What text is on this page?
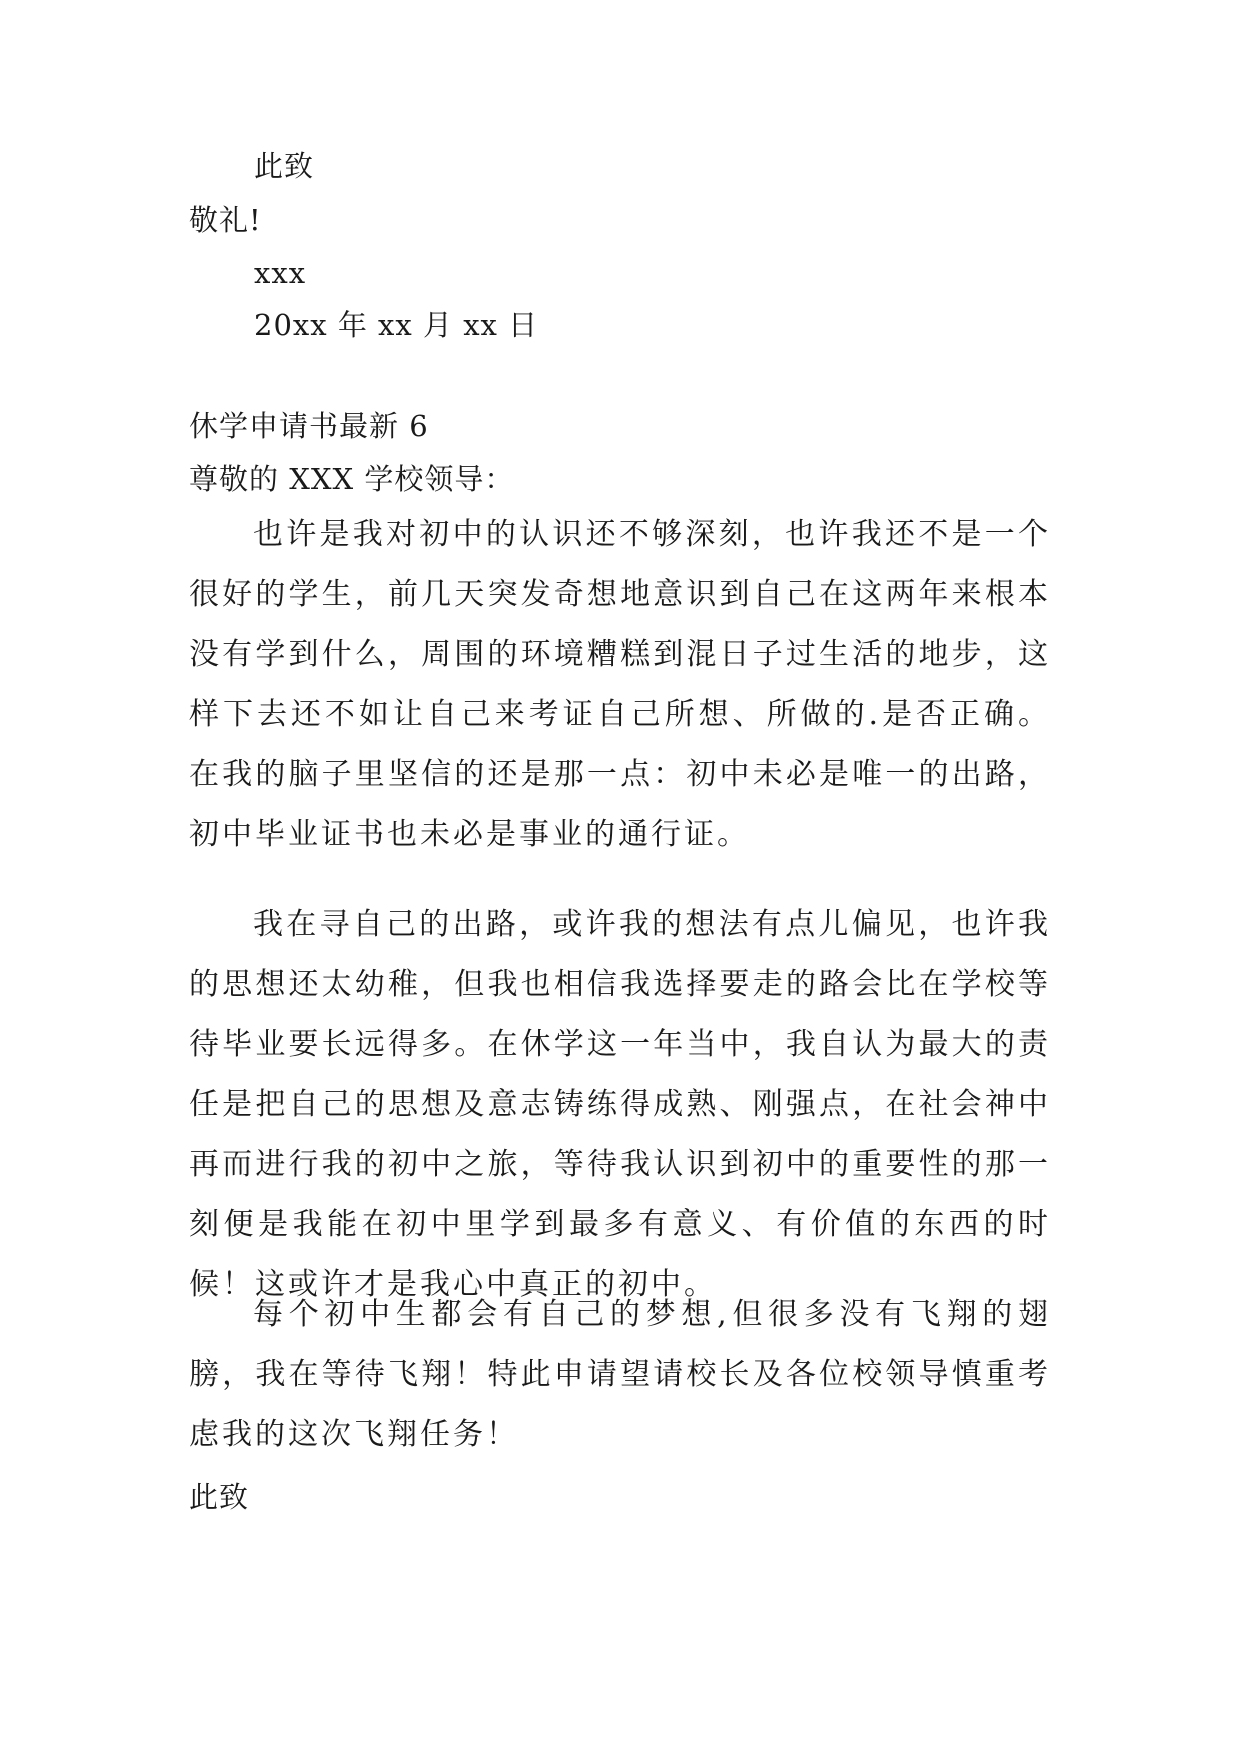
此致
敬礼!
xxx
20xx 年 xx 月 xx 日
休学申请书最新 6
尊敬的 XXX 学校领导：
也许是我对初中的认识还不够深刻，也许我还不是一个很好的学生，前几天突发奇想地意识到自己在这两年来根本没有学到什么，周围的环境糟糕到混日子过生活的地步，这样下去还不如让自己来考证自己所想、所做的.是否正确。在我的脑子里坚信的还是那一点：初中未必是唯一的出路，初中毕业证书也未必是事业的通行证。
我在寻自己的出路，或许我的想法有点儿偏见，也许我的思想还太幼稚，但我也相信我选择要走的路会比在学校等待毕业要长远得多。在休学这一年当中，我自认为最大的责任是把自己的思想及意志铸练得成熟、刚强点，在社会神中再而进行我的初中之旅，等待我认识到初中的重要性的那一刻便是我能在初中里学到最多有意义、有价值的东西的时候！这或许才是我心中真正的初中。
每个初中生都会有自己的梦想,但很多没有飞翔的翅膀，我在等待飞翔！特此申请望请校长及各位校领导慎重考虑我的这次飞翔任务！
此致
